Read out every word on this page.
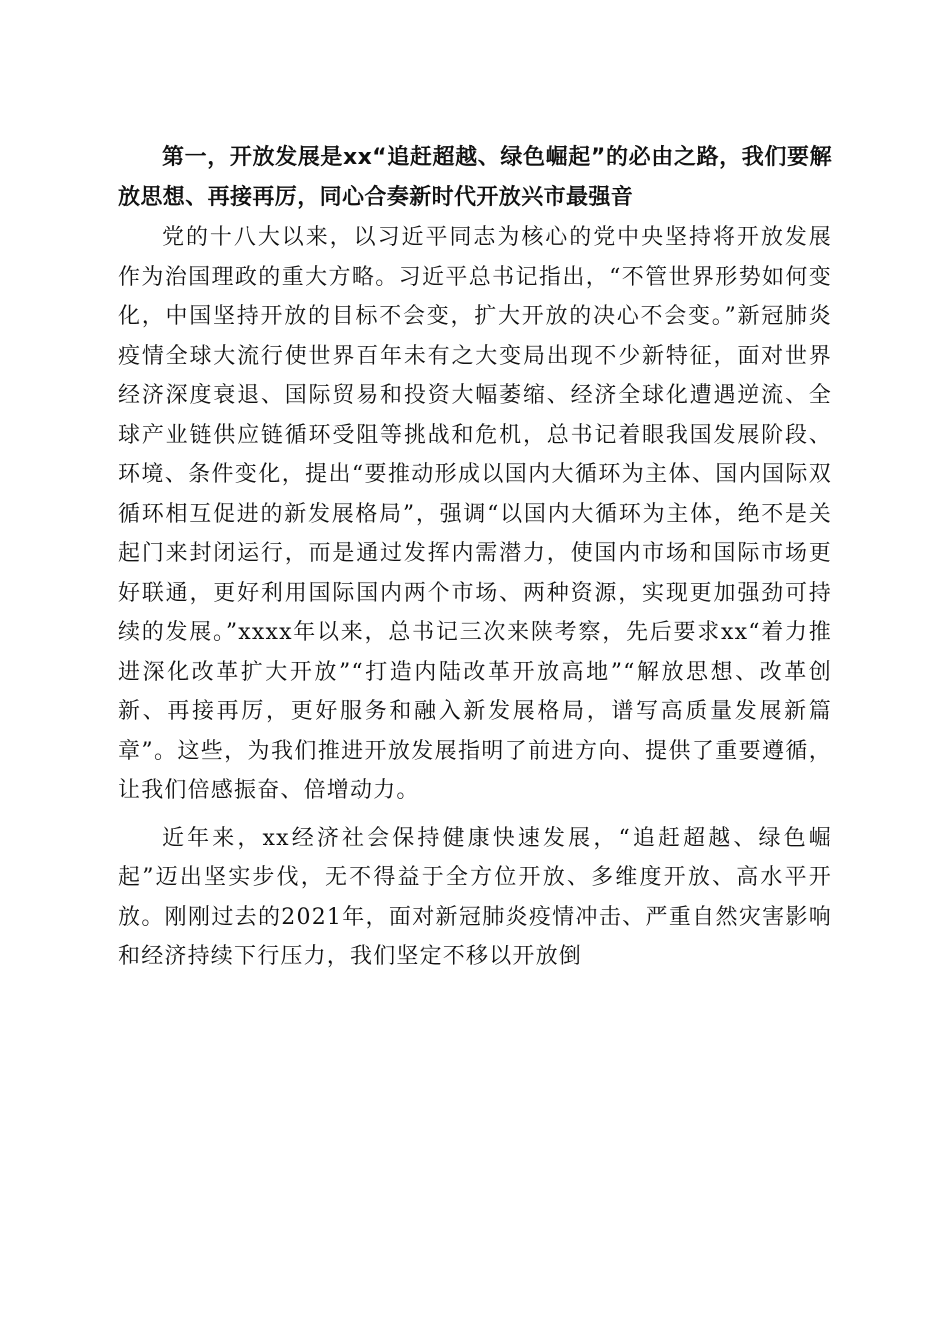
第一，开放发展是xx“追赶超越、绿色崛起”的必由之路，我们要解放思想、再接再厉，同心合奏新时代开放兴市最强音

党的十八大以来，以习近平同志为核心的党中央坚持将开放发展作为治国理政的重大方略。习近平总书记指出，“不管世界形势如何变化，中国坚持开放的目标不会变，扩大开放的决心不会变。”新冠肺炎疫情全球大流行使世界百年未有之大变局出现不少新特征，面对世界经济深度衰退、国际贸易和投资大幅萎缩、经济全球化遭遇逆流、全球产业链供应链循环受阻等挑战和危机，总书记着眼我国发展阶段、环境、条件变化，提出“要推动形成以国内大循环为主体、国内国际双循环相互促进的新发展格局”，强调“以国内大循环为主体，绝不是关起门来封闭运行，而是通过发挥内需潜力，使国内市场和国际市场更好联通，更好利用国际国内两个市场、两种资源，实现更加强劲可持续的发展。”xxxx年以来，总书记三次来陕考察，先后要求xx“着力推进深化改革扩大开放”“打造内陆改革开放高地”“解放思想、改革创新、再接再厉，更好服务和融入新发展格局，谱写高质量发展新篇章”。这些，为我们推进开放发展指明了前进方向、提供了重要遵循，让我们倍感振奋、倍增动力。

近年来，xx经济社会保持健康快速发展，“追赶超越、绿色崛起”迈出坚实步伐，无不得益于全方位开放、多维度开放、高水平开放。刚刚过去的2021年，面对新冠肺炎疫情冲击、严重自然灾害影响和经济持续下行压力，我们坚定不移以开放倒
